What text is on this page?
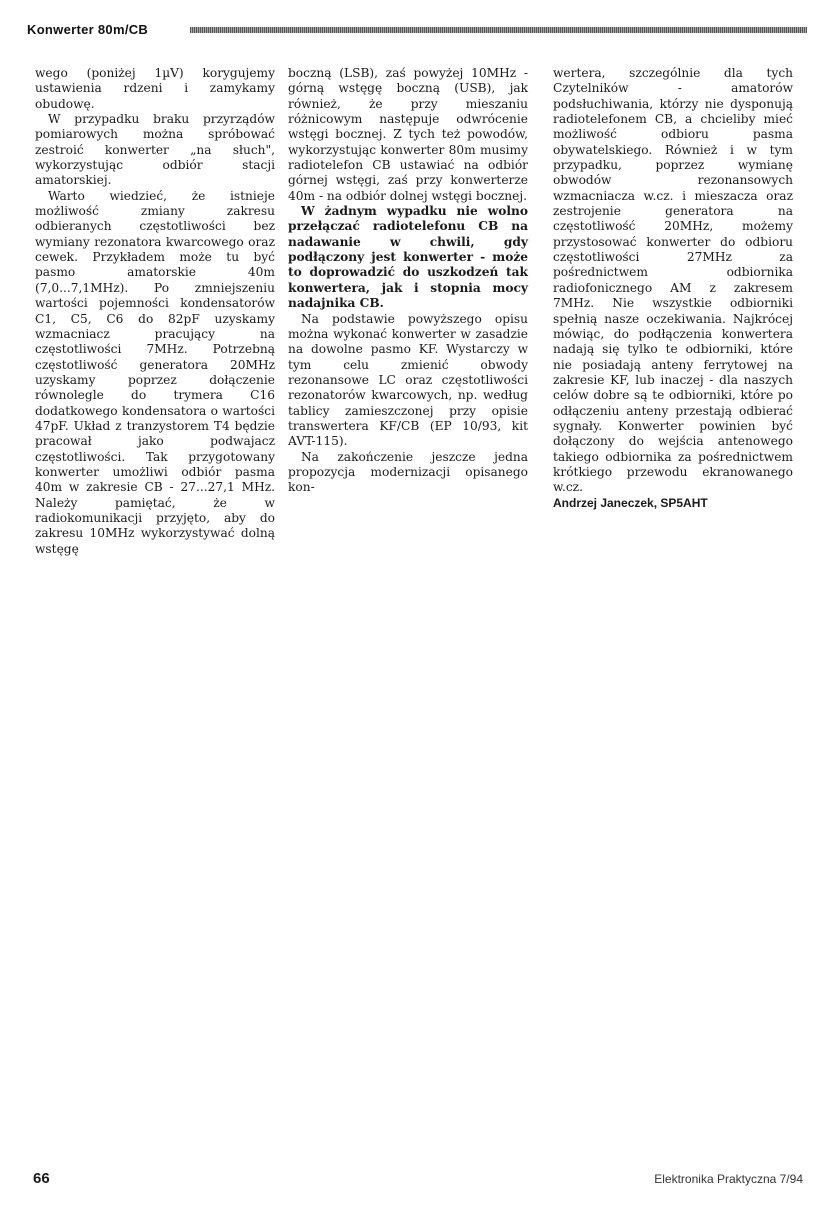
Konwerter 80m/CB

wego (poniżej 1µV) korygujemy ustawienia rdzeni i zamykamy obudowę.

W przypadku braku przyrządów pomiarowych można spróbować zestroić konwerter „na słuch", wykorzystując odbiór stacji amatorskiej.

Warto wiedzieć, że istnieje możliwość zmiany zakresu odbieranych częstotliwości bez wymiany rezonatora kwarcowego oraz cewek. Przykładem może tu być pasmo amatorskie 40m (7,0...7,1MHz). Po zmniejszeniu wartości pojemności kondensatorów C1, C5, C6 do 82pF uzyskamy wzmacniacz pracujący na częstotliwości 7MHz. Potrzebną częstotliwość generatora 20MHz uzyskamy poprzez dołączenie równolegle do trymera C16 dodatkowego kondensatora o wartości 47pF. Układ z tranzystorem T4 będzie pracował jako podwajacz częstotliwości. Tak przygotowany konwerter umożliwi odbiór pasma 40m w zakresie CB - 27...27,1 MHz. Należy pamiętać, że w radiokomunikacji przyjęto, aby do zakresu 10MHz wykorzystywać dolną wstęgę

boczną (LSB), zaś powyżej 10MHz - górną wstęgę boczną (USB), jak również, że przy mieszaniu różnicowym następuje odwrócenie wstęgi bocznej. Z tych też powodów, wykorzystując konwerter 80m musimy radiotelefon CB ustawiać na odbiór górnej wstęgi, zaś przy konwerterze 40m - na odbiór dolnej wstęgi bocznej.

W żadnym wypadku nie wolno przełączać radiotelefonu CB na nadawanie w chwili, gdy podłączony jest konwerter - może to doprowadzić do uszkodzeń tak konwertera, jak i stopnia mocy nadajnika CB.

Na podstawie powyższego opisu można wykonać konwerter w zasadzie na dowolne pasmo KF. Wystarczy w tym celu zmienić obwody rezonansowe LC oraz częstotliwości rezonatorów kwarcowych, np. według tablicy zamieszczonej przy opisie transwertera KF/CB (EP 10/93, kit AVT-115).

Na zakończenie jeszcze jedna propozycja modernizacji opisanego kon-

wertera, szczególnie dla tych Czytelników - amatorów podsłuchiwania, którzy nie dysponują radiotelefonem CB, a chcieliby mieć możliwość odbioru pasma obywatelskiego. Również i w tym przypadku, poprzez wymianę obwodów rezonansowych wzmacniacza w.cz. i mieszacza oraz zestrojenie generatora na częstotliwość 20MHz, możemy przystosować konwerter do odbioru częstotliwości 27MHz za pośrednictwem odbiornika radiofonicznego AM z zakresem 7MHz. Nie wszystkie odbiorniki spełnią nasze oczekiwania. Najkrócej mówiąc, do podłączenia konwertera nadają się tylko te odbiorniki, które nie posiadają anteny ferrytowej na zakresie KF, lub inaczej - dla naszych celów dobre są te odbiorniki, które po odłączeniu anteny przestają odbierać sygnały. Konwerter powinien być dołączony do wejścia antenowego takiego odbiornika za pośrednictwem krótkiego przewodu ekranowanego w.cz.

Andrzej Janeczek, SP5AHT

66	Elektronika Praktyczna 7/94
